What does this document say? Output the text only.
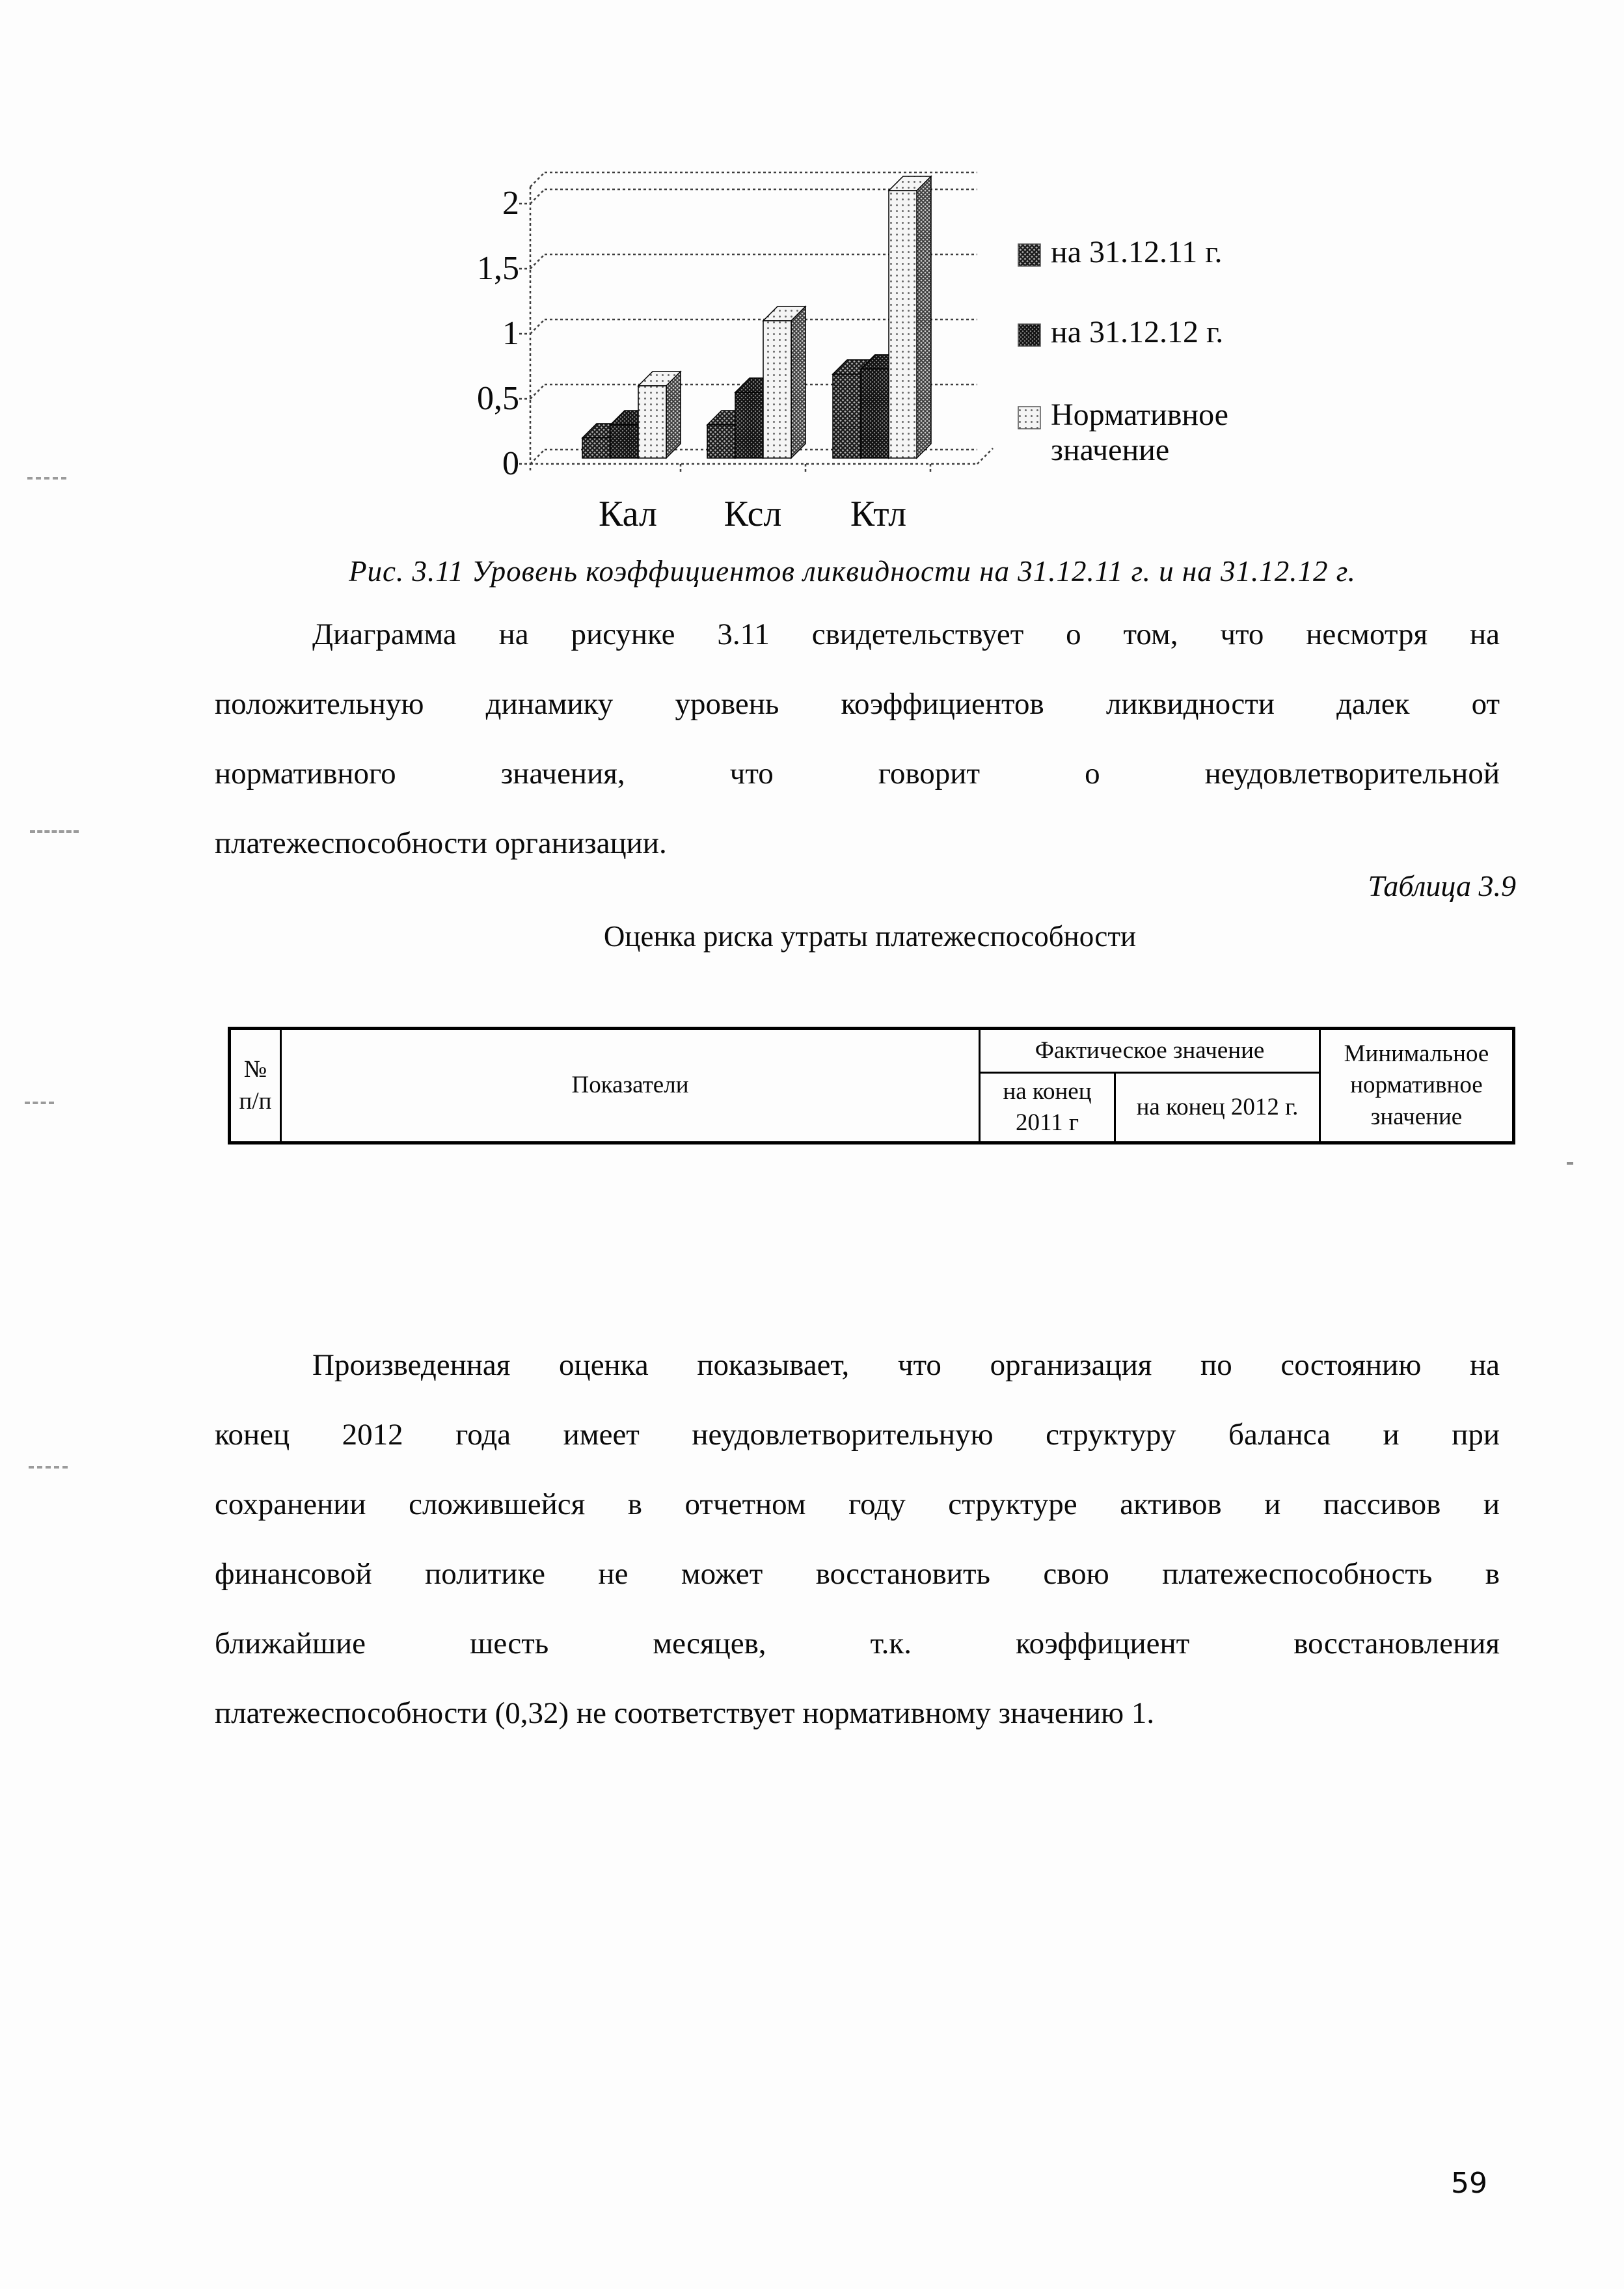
0
0,5
1
1,5
2
Кал Ксл Ктл
на 31.12.11 г.
на 31.12.12 г.
Нормативное
значение
Рис. 3.11 Уровень коэффициентов ликвидности на 31.12.11 г. и на 31.12.12 г.
Диаграмма на рисунке 3.11 свидетельствует о том, что несмотря на
положительную динамику уровень коэффициентов ликвидности далек от
нормативного значения, что говорит о неудовлетворительной
платежеспособности организации.
Таблица 3.9
Оценка риска утраты платежеспособности
№
п/п	Показатели	Фактическое значение		Минимальное нормативное значение
		на конец 2011 г	на конец 2012 г.	
Произведенная оценка показывает, что организация по состоянию на
конец 2012 года имеет неудовлетворительную структуру баланса и при
сохранении сложившейся в отчетном году структуре активов и пассивов и
финансовой политике не может восстановить свою платежеспособность в
ближайшие шесть месяцев, т.к. коэффициент восстановления
платежеспособности (0,32) не соответствует нормативному значению 1.
59
